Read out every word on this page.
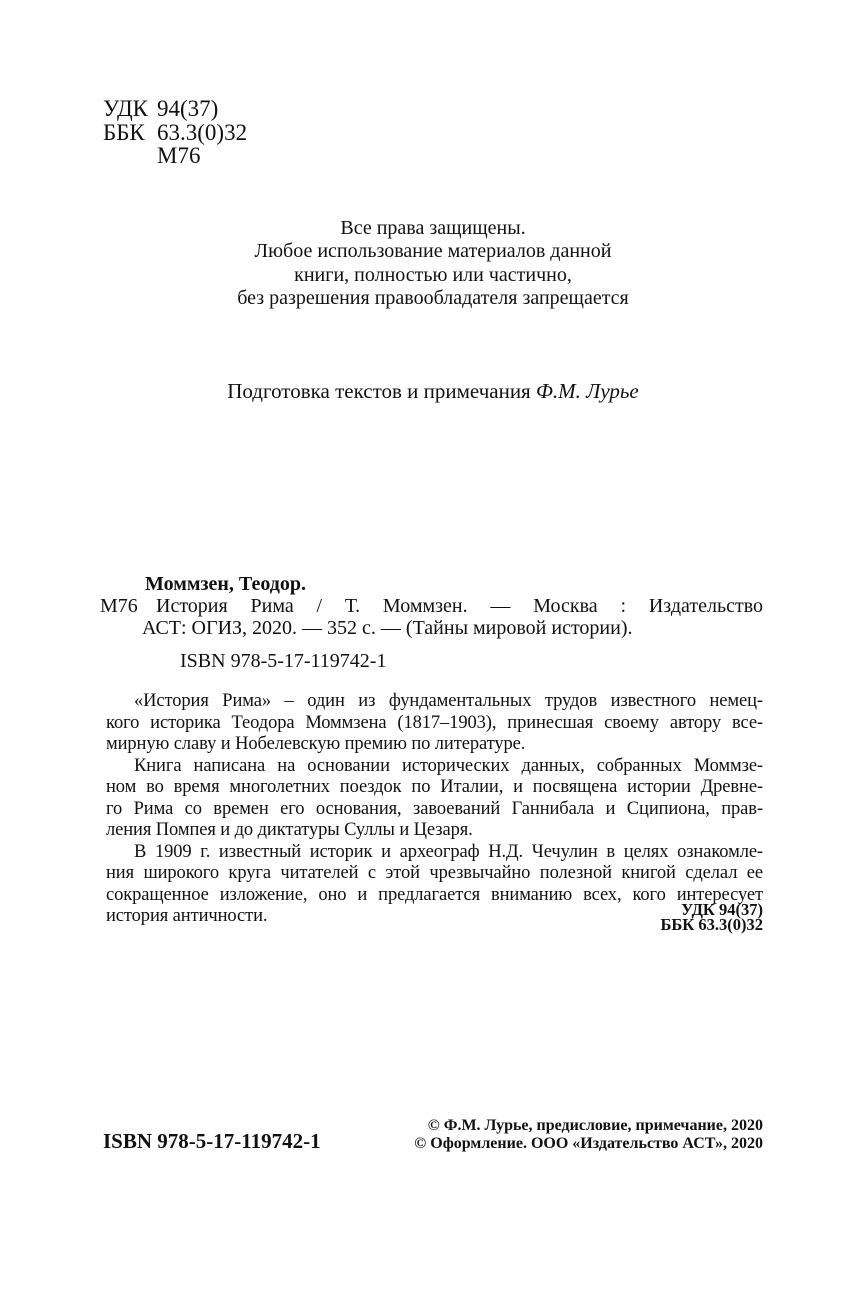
УДК 94(37)
ББК 63.3(0)32
М76
Все права защищены.
Любое использование материалов данной
книги, полностью или частично,
без разрешения правообладателя запрещается
Подготовка текстов и примечания Ф.М. Лурье
Моммзен, Теодор.
М76 История Рима / Т. Моммзен. — Москва : Издательство
АСТ: ОГИЗ, 2020. — 352 с. — (Тайны мировой истории).
ISBN 978-5-17-119742-1
«История Рима» – один из фундаментальных трудов известного немец-
кого историка Теодора Моммзена (1817–1903), принесшая своему автору все-
мирную славу и Нобелевскую премию по литературе.
Книга написана на основании исторических данных, собранных Моммзе-
ном во время многолетних поездок по Италии, и посвящена истории Древне-
го Рима со времен его основания, завоеваний Ганнибала и Сципиона, прав-
ления Помпея и до диктатуры Суллы и Цезаря.
В 1909 г. известный историк и археограф Н.Д. Чечулин в целях ознакомле-
ния широкого круга читателей с этой чрезвычайно полезной книгой сделал ее
сокращенное изложение, оно и предлагается вниманию всех, кого интересует
история античности.	УДК 94(37)
ББК 63.3(0)32
ISBN 978-5-17-119742-1
© Ф.М. Лурье, предисловие, примечание, 2020
© Оформление. ООО «Издательство АСТ», 2020
